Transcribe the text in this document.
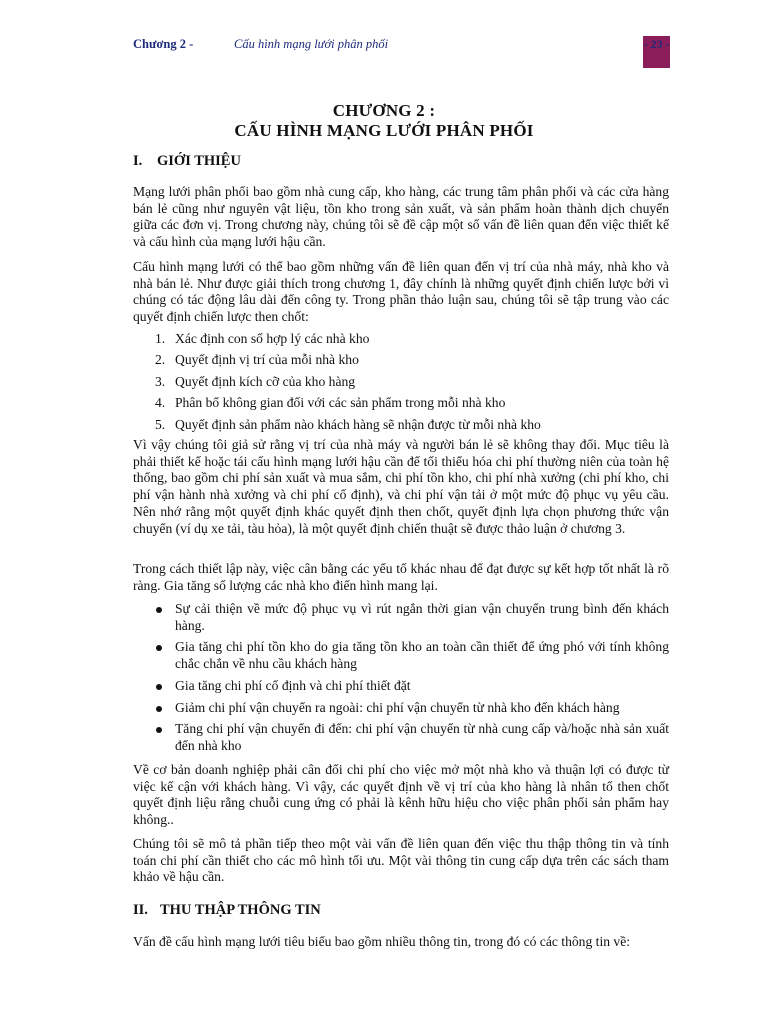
Chương 2 -	Cấu hình mạng lưới phân phối	- 23 -
CHƯƠNG 2 :
CẤU HÌNH MẠNG LƯỚI PHÂN PHỐI
I. GIỚI THIỆU

Mạng lưới phân phối bao gồm nhà cung cấp, kho hàng, các trung tâm phân phối và các cửa hàng bán lẻ cũng như nguyên vật liệu, tồn kho trong sản xuất, và sản phẩm hoàn thành dịch chuyển giữa các đơn vị. Trong chương này, chúng tôi sẽ đề cập một số vấn đề liên quan đến việc thiết kế và cấu hình của mạng lưới hậu cần.

Cấu hình mạng lưới có thể bao gồm những vấn đề liên quan đến vị trí của nhà máy, nhà kho và nhà bán lẻ. Như được giải thích trong chương 1, đây chính là những quyết định chiến lược bởi vì chúng có tác động lâu dài đến công ty. Trong phần thảo luận sau, chúng tôi sẽ tập trung vào các quyết định chiến lược then chốt:

1. Xác định con số hợp lý các nhà kho
2. Quyết định vị trí của mỗi nhà kho
3. Quyết định kích cỡ của kho hàng
4. Phân bổ không gian đối với các sản phẩm trong mỗi nhà kho
5. Quyết định sản phẩm nào khách hàng sẽ nhận được từ mỗi nhà kho

Vì vậy chúng tôi giả sử rằng vị trí của nhà máy và người bán lẻ sẽ không thay đổi. Mục tiêu là phải thiết kế hoặc tái cấu hình mạng lưới hậu cần để tối thiểu hóa chi phí thường niên của toàn hệ thống, bao gồm chi phí sản xuất và mua sắm, chi phí tồn kho, chi phí nhà xưởng (chi phí kho, chi phí vận hành nhà xưởng và chi phí cố định), và chi phí vận tải ở một mức độ phục vụ yêu cầu. Nên nhớ rằng một quyết định khác quyết định then chốt, quyết định lựa chọn phương thức vận chuyển (ví dụ xe tải, tàu hỏa), là một quyết định chiến thuật sẽ được thảo luận ở chương 3.

Trong cách thiết lập này, việc cân bằng các yếu tố khác nhau để đạt được sự kết hợp tốt nhất là rõ ràng. Gia tăng số lượng các nhà kho điển hình mang lại.

Sự cải thiện về mức độ phục vụ vì rút ngắn thời gian vận chuyển trung bình đến khách hàng.
Gia tăng chi phí tồn kho do gia tăng tồn kho an toàn cần thiết để ứng phó với tính không chắc chắn về nhu cầu khách hàng
Gia tăng chi phí cố định và chi phí thiết đặt
Giảm chi phí vận chuyển ra ngoài: chi phí vận chuyển từ nhà kho đến khách hàng
Tăng chi phí vận chuyển đi đến: chi phí vận chuyển từ nhà cung cấp và/hoặc nhà sản xuất đến nhà kho

Về cơ bản doanh nghiệp phải cân đối chi phí cho việc mở một nhà kho và thuận lợi có được từ việc kế cận với khách hàng. Vì vậy, các quyết định về vị trí của kho hàng là nhân tố then chốt quyết định liệu rằng chuỗi cung ứng có phải là kênh hữu hiệu cho việc phân phối sản phẩm hay không..

Chúng tôi sẽ mô tả phần tiếp theo một vài vấn đề liên quan đến việc thu thập thông tin và tính toán chi phí cần thiết cho các mô hình tối ưu. Một vài thông tin cung cấp dựa trên các sách tham khảo về hậu cần.

II. THU THẬP THÔNG TIN

Vấn đề cấu hình mạng lưới tiêu biểu bao gồm nhiều thông tin, trong đó có các thông tin về:
